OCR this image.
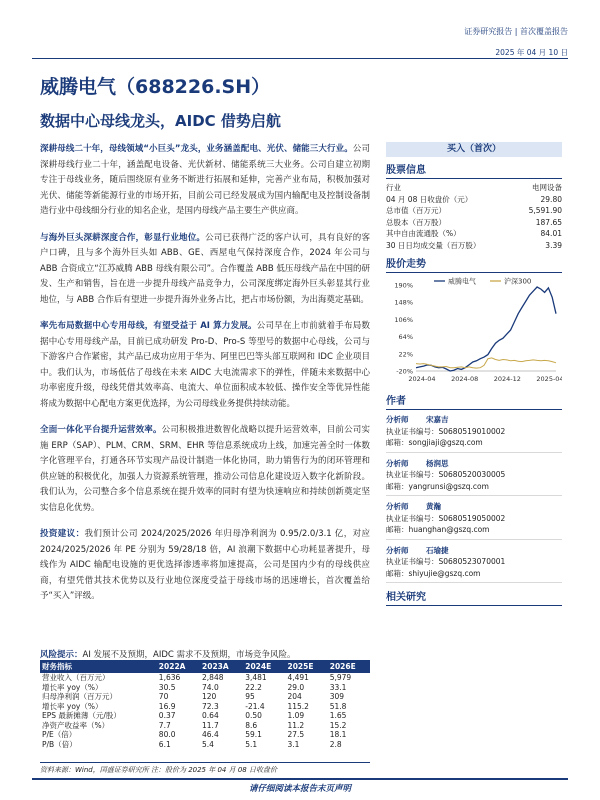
证券研究报告 | 首次覆盖报告
2025 年 04 月 10 日
威腾电气（688226.SH）
数据中心母线龙头，AIDC 借势启航

深耕母线二十年，母线领域“小巨头”龙头，业务涵盖配电、光伏、储能三大行业。公司深耕母线行业二十年，涵盖配电设备、光伏新材、储能系统三大业务。公司自建立初期专注于母线业务，随后围绕原有业务不断进行拓展和延伸，完善产业布局，积极加强对光伏、储能等新能源行业的市场开拓，目前公司已经发展成为国内输配电及控制设备制造行业中母线细分行业的知名企业，是国内母线产品主要生产供应商。

与海外巨头深耕深度合作，彰显行业地位。公司已获得广泛的客户认可，具有良好的客户口碑，且与多个海外巨头如 ABB、GE、西屋电气保持深度合作，2024 年公司与 ABB 合资成立“江苏威腾 ABB 母线有限公司”。合作覆盖 ABB 低压母线产品在中国的研发、生产和销售，旨在进一步提升母线产品竞争力，公司深度绑定海外巨头彰显其行业地位，与 ABB 合作后有望进一步提升海外业务占比，把占市场份额，为出海奠定基础。

率先布局数据中心专用母线，有望受益于 AI 算力发展。公司早在上市前就着手布局数据中心专用母线产品，目前已成功研发 Pro-D、Pro-S 等型号的数据中心母线，公司与下游客户合作紧密，其产品已成功应用于华为、阿里巴巴等头部互联网和 IDC 企业项目中。我们认为，市场低估了母线在未来 AIDC 大电流需求下的弹性，伴随未来数据中心功率密度升级，母线凭借其效率高、电流大、单位面积成本较低、操作安全等优异性能将成为数据中心配电方案更优选择，为公司母线业务提供持续动能。

全面一体化平台提升运营效率。公司积极推进数智化战略以提升运营效率，目前公司实施 ERP（SAP）、PLM、CRM、SRM、EHR 等信息系统成功上线，加速完善全时一体数字化管理平台，打通各环节实现产品设计制造一体化协同，助力销售行为的闭环管理和供应链的积极优化，加强人力资源系统管理，推动公司信息化建设迈入数字化新阶段。我们认为，公司整合多个信息系统在提升效率的同时有望为快速响应和持续创新奠定坚实信息化优势。

投资建议：我们预计公司 2024/2025/2026 年归母净利润为 0.95/2.0/3.1 亿，对应 2024/2025/2026 年 PE 分别为 59/28/18 倍，AI 浪潮下数据中心功耗显著提升，母线作为 AIDC 输配电设施的更优选择渗透率将加速提高，公司是国内少有的母线供应商，有望凭借其技术优势以及行业地位深度受益于母线市场的迅速增长，首次覆盖给予“买入”评级。

风险提示：AI 发展不及预期，AIDC 需求不及预期，市场竞争风险。
财务指标	2022A	2023A	2024E	2025E	2026E
营业收入（百万元）	1,636	2,848	3,481	4,491	5,979
增长率 yoy（%）	30.5	74.0	22.2	29.0	33.1
归母净利润（百万元）	70	120	95	204	309
增长率 yoy（%）	16.9	72.3	-21.4	115.2	51.8
EPS 最新摊薄（元/股）	0.37	0.64	0.50	1.09	1.65
净资产收益率（%）	7.7	11.7	8.6	11.2	15.2
P/E（倍）	80.0	46.4	59.1	27.5	18.1
P/B（倍）	6.1	5.4	5.1	3.1	2.8
资料来源：Wind，国盛证券研究所 注：股价为 2025 年 04 月 08 日收盘价
买入（首次）
股票信息
行业	电网设备
04 月 08 日收盘价（元）	29.80
总市值（百万元）	5,591.90
总股本（百万股）	187.65
其中自由流通股（%）	84.01
30 日日均成交量（百万股）	3.39
股价走势
-20%
22%
64%
106%
148%
190%
2024-04 2024-08 2024-12 2025-04
威腾电气	沪深300
作者
分析师 宋嘉吉
执业证书编号：S0680519010002
邮箱：songjiaji@gszq.com
分析师 杨润思
执业证书编号：S0680520030005
邮箱：yangrunsi@gszq.com
分析师 黄瀚
执业证书编号：S0680519050002
邮箱：huanghan@gszq.com
分析师 石瑜捷
执业证书编号：S0680523070001
邮箱：shiyujie@gszq.com
相关研究
请仔细阅读本报告末页声明
